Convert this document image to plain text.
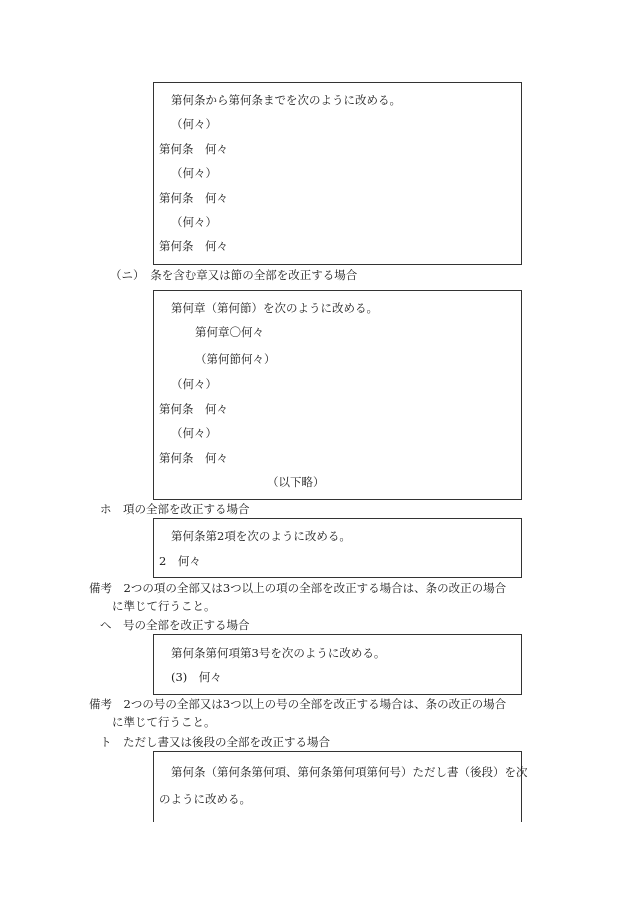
第何条から第何条までを次のように改める。
（何々）
第何条　何々
（何々）
第何条　何々
（何々）
第何条　何々
（ニ）　条を含む章又は節の全部を改正する場合
第何章（第何節）を次のように改める。
第何章〇何々
（第何節何々）
（何々）
第何条　何々
（何々）
第何条　何々
（以下略）
ホ　項の全部を改正する場合
第何条第2項を次のように改める。
2　何々
備考　2つの項の全部又は3つ以上の項の全部を改正する場合は、条の改正の場合
に準じて行うこと。
へ　号の全部を改正する場合
第何条第何項第3号を次のように改める。
(3)　何々
備考　2つの号の全部又は3つ以上の号の全部を改正する場合は、条の改正の場合
に準じて行うこと。
ト　ただし書又は後段の全部を改正する場合
第何条（第何条第何項、第何条第何項第何号）ただし書（後段）を次
のように改める。
